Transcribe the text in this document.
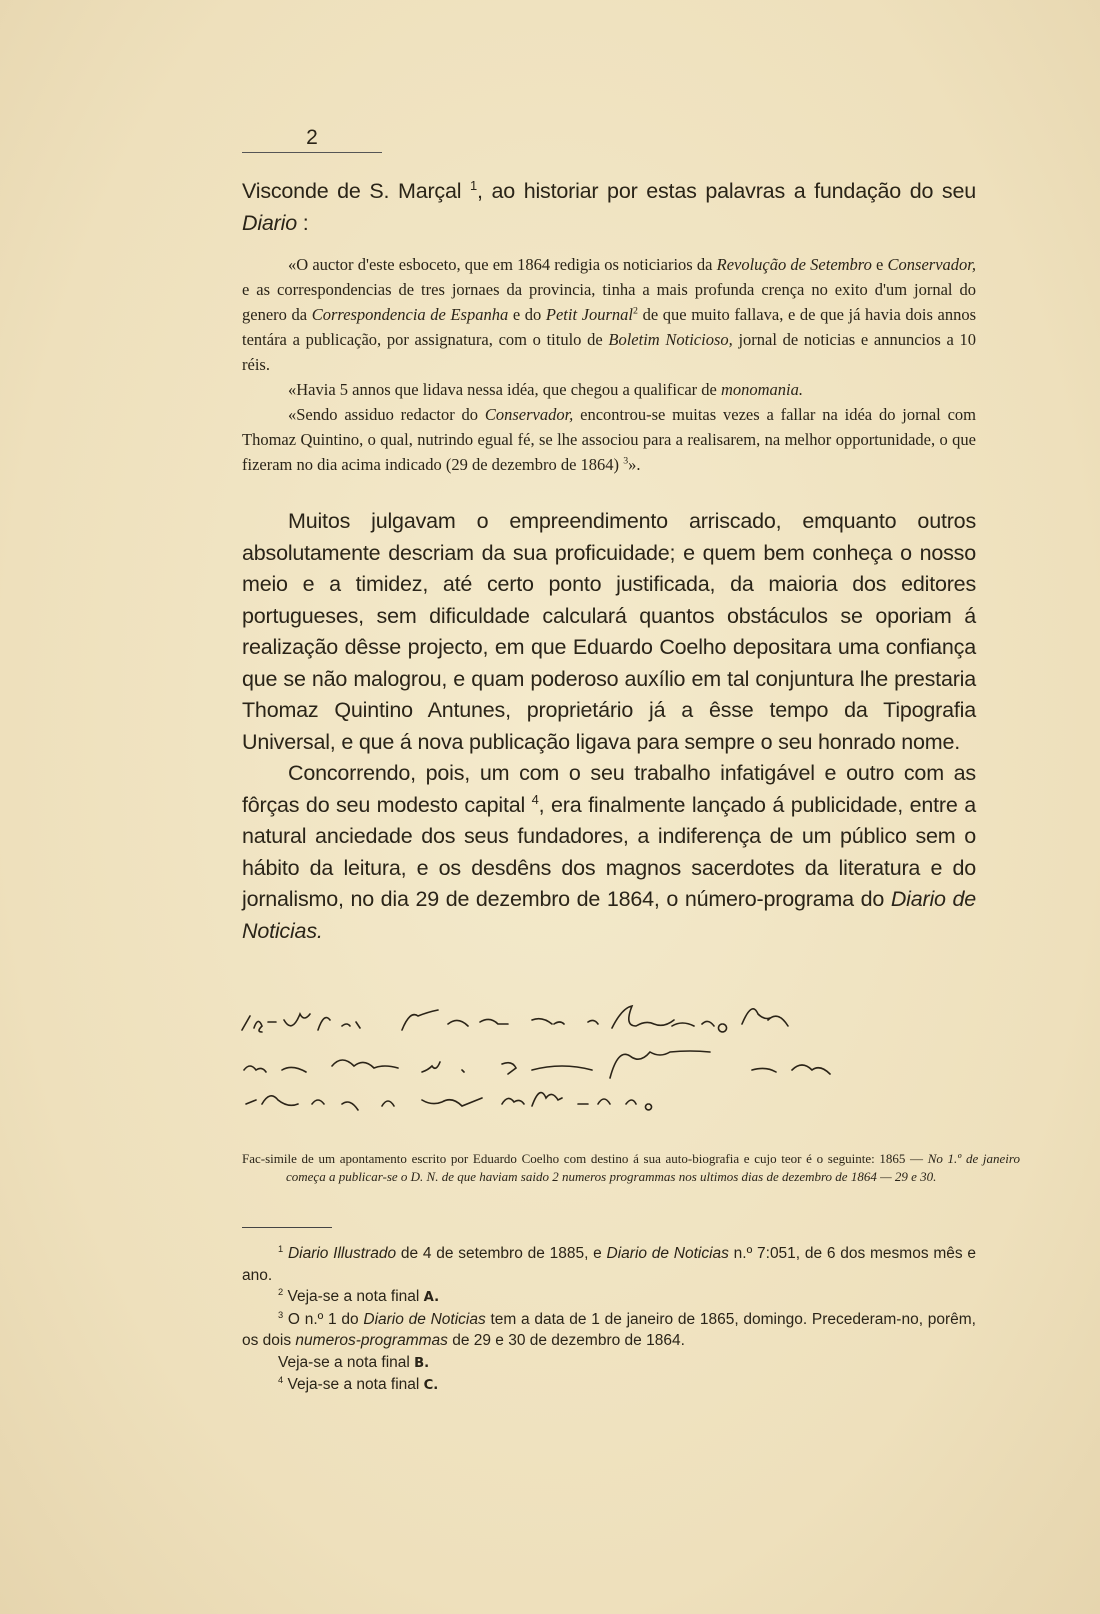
2

Visconde de S. Marçal $^1$, ao historiar por estas palavras a fundação do seu Diario :

«O auctor d'este esboceto, que em 1864 redigia os noticiarios da Revolução de Setembro e Conservador, e as correspondencias de tres jornaes da provincia, tinha a mais profunda crença no exito d'um jornal do genero da Correspondencia de Espanha e do Petit Journal$^2$ de que muito fallava, e de que já havia dois annos tentára a publicação, por assignatura, com o titulo de Boletim Noticioso, jornal de noticias e annuncios a 10 réis.

«Havia 5 annos que lidava nessa idéa, que chegou a qualificar de monomania.

«Sendo assiduo redactor do Conservador, encontrou-se muitas vezes a fallar na idéa do jornal com Thomaz Quintino, o qual, nutrindo egual fé, se lhe associou para a realisarem, na melhor opportunidade, o que fizeram no dia acima indicado (29 de dezembro de 1864) $^3$».

Muitos julgavam o empreendimento arriscado, emquanto outros absolutamente descriam da sua proficuidade; e quem bem conheça o nosso meio e a timidez, até certo ponto justificada, da maioria dos editores portugueses, sem dificuldade calculará quantos obstáculos se oporiam á realização dêsse projecto, em que Eduardo Coelho depositara uma confiança que se não malogrou, e quam poderoso auxílio em tal conjuntura lhe prestaria Thomaz Quintino Antunes, proprietário já a êsse tempo da Tipografia Universal, e que á nova publicação ligava para sempre o seu honrado nome.

Concorrendo, pois, um com o seu trabalho infatigável e outro com as fôrças do seu modesto capital $^4$, era finalmente lançado á publicidade, entre a natural anciedade dos seus fundadores, a indiferença de um público sem o hábito da leitura, e os desdêns dos magnos sacerdotes da literatura e do jornalismo, no dia 29 de dezembro de 1864, o número-programa do Diario de Noticias.

Fac-simile de um apontamento escrito por Eduardo Coelho com destino á sua auto-biografia e cujo teor é o seguinte: 1865 — No 1.º de janeiro começa a publicar-se o D. N. de que haviam saido 2 numeros programmas nos ultimos dias de dezembro de 1864 — 29 e 30.

$^1$ Diario Illustrado de 4 de setembro de 1885, e Diario de Noticias n.º 7:051, de 6 dos mesmos mês e ano.

$^2$ Veja-se a nota final A.

$^3$ O n.º 1 do Diario de Noticias tem a data de 1 de janeiro de 1865, domingo. Precederam-no, porêm, os dois numeros-programmas de 29 e 30 de dezembro de 1864.

Veja-se a nota final B.

$^4$ Veja-se a nota final C.
